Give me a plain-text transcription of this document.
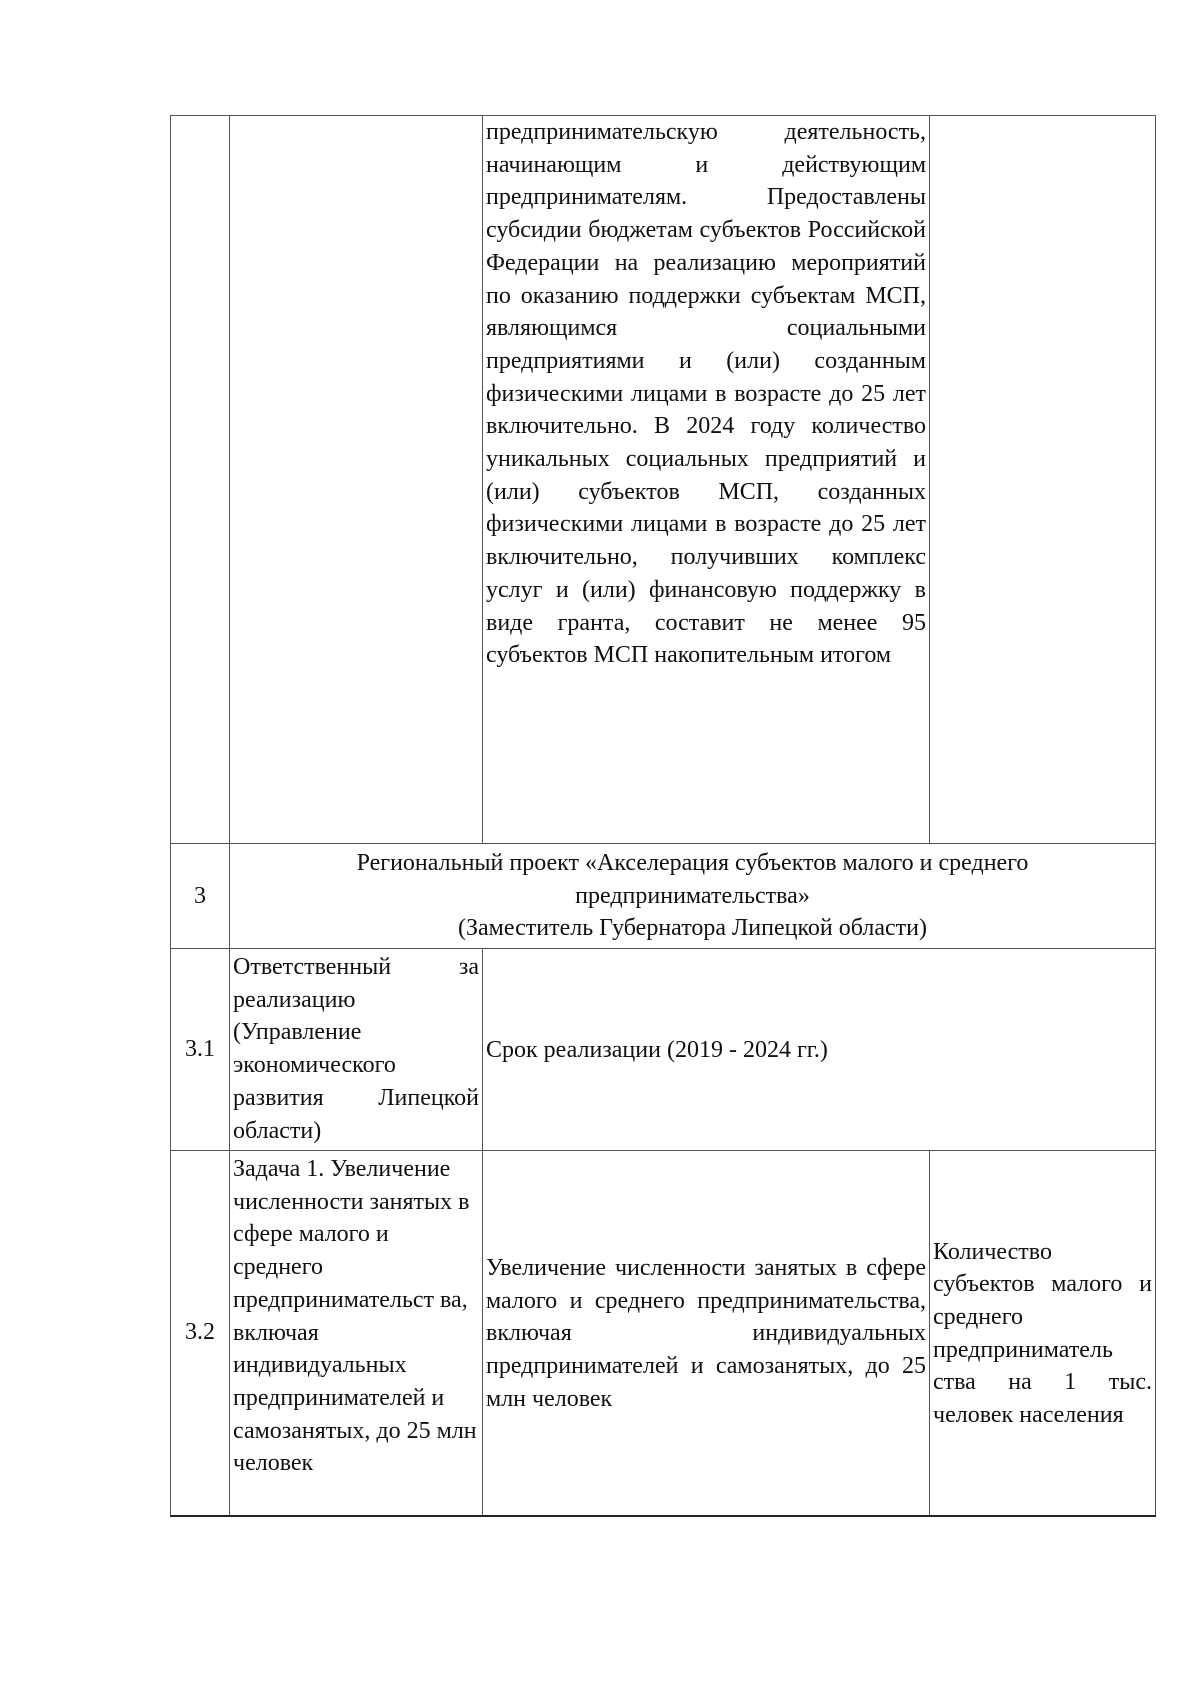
		предпринимательскую деятельность, начинающим и действующим предпринимателям. Предоставлены субсидии бюджетам субъектов Российской Федерации на реализацию мероприятий по оказанию поддержки субъектам МСП, являющимся социальными предприятиями и (или) созданным физическими лицами в возрасте до 25 лет включительно. В 2024 году количество уникальных социальных предприятий и (или) субъектов МСП, созданных физическими лицами в возрасте до 25 лет включительно, получивших комплекс услуг и (или) финансовую поддержку в виде гранта, составит не менее 95 субъектов МСП накопительным итогом	
3	Региональный проект «Акселерация субъектов малого и среднего
предпринимательства»
(Заместитель Губернатора Липецкой области)		

3.1	Ответственный за реализацию (Управление экономического развития Липецкой области)	Срок реализации (2019 - 2024 гг.)	
3.2	Задача 1. Увеличение численности занятых в сфере малого и среднего предпринимательст ва, включая индивидуальных предпринимателей и самозанятых, до 25 млн человек	Увеличение численности занятых в сфере малого и среднего предпринимательства, включая индивидуальных предпринимателей и самозанятых, до 25 млн человек	Количество субъектов малого и среднего предприниматель ства на 1 тыс. человек населения
